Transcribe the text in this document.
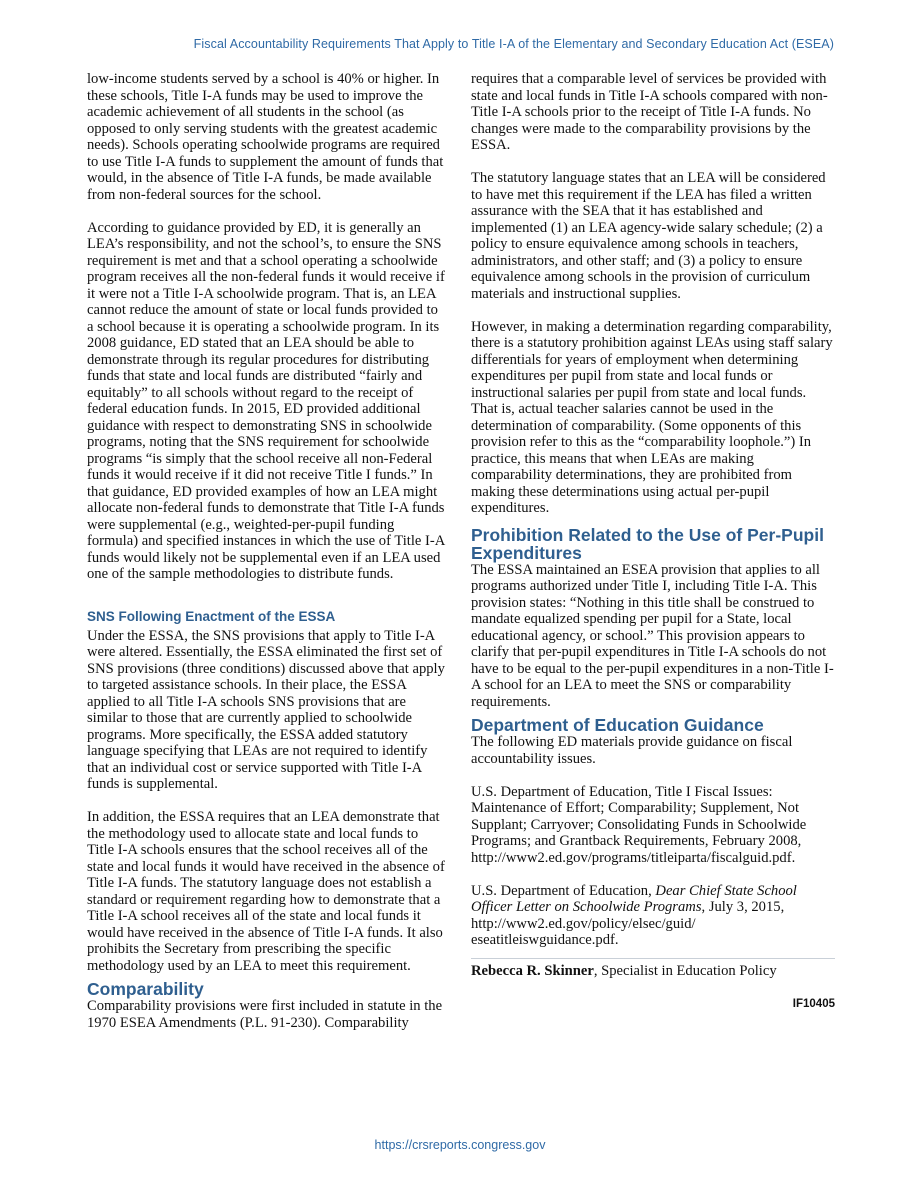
Fiscal Accountability Requirements That Apply to Title I-A of the Elementary and Secondary Education Act (ESEA)

low-income students served by a school is 40% or higher. In these schools, Title I-A funds may be used to improve the academic achievement of all students in the school (as opposed to only serving students with the greatest academic needs). Schools operating schoolwide programs are required to use Title I-A funds to supplement the amount of funds that would, in the absence of Title I-A funds, be made available from non-federal sources for the school.

According to guidance provided by ED, it is generally an LEA’s responsibility, and not the school’s, to ensure the SNS requirement is met and that a school operating a schoolwide program receives all the non-federal funds it would receive if it were not a Title I-A schoolwide program. That is, an LEA cannot reduce the amount of state or local funds provided to a school because it is operating a schoolwide program. In its 2008 guidance, ED stated that an LEA should be able to demonstrate through its regular procedures for distributing funds that state and local funds are distributed “fairly and equitably” to all schools without regard to the receipt of federal education funds. In 2015, ED provided additional guidance with respect to demonstrating SNS in schoolwide programs, noting that the SNS requirement for schoolwide programs “is simply that the school receive all non-Federal funds it would receive if it did not receive Title I funds.” In that guidance, ED provided examples of how an LEA might allocate non-federal funds to demonstrate that Title I-A funds were supplemental (e.g., weighted-per-pupil funding formula) and specified instances in which the use of Title I-A funds would likely not be supplemental even if an LEA used one of the sample methodologies to distribute funds.

SNS Following Enactment of the ESSA

Under the ESSA, the SNS provisions that apply to Title I-A were altered. Essentially, the ESSA eliminated the first set of SNS provisions (three conditions) discussed above that apply to targeted assistance schools. In their place, the ESSA applied to all Title I-A schools SNS provisions that are similar to those that are currently applied to schoolwide programs. More specifically, the ESSA added statutory language specifying that LEAs are not required to identify that an individual cost or service supported with Title I-A funds is supplemental.

In addition, the ESSA requires that an LEA demonstrate that the methodology used to allocate state and local funds to Title I-A schools ensures that the school receives all of the state and local funds it would have received in the absence of Title I-A funds. The statutory language does not establish a standard or requirement regarding how to demonstrate that a Title I-A school receives all of the state and local funds it would have received in the absence of Title I-A funds. It also prohibits the Secretary from prescribing the specific methodology used by an LEA to meet this requirement.

Comparability

Comparability provisions were first included in statute in the 1970 ESEA Amendments (P.L. 91-230). Comparability

requires that a comparable level of services be provided with state and local funds in Title I-A schools compared with non-Title I-A schools prior to the receipt of Title I-A funds. No changes were made to the comparability provisions by the ESSA.

The statutory language states that an LEA will be considered to have met this requirement if the LEA has filed a written assurance with the SEA that it has established and implemented (1) an LEA agency-wide salary schedule; (2) a policy to ensure equivalence among schools in teachers, administrators, and other staff; and (3) a policy to ensure equivalence among schools in the provision of curriculum materials and instructional supplies.

However, in making a determination regarding comparability, there is a statutory prohibition against LEAs using staff salary differentials for years of employment when determining expenditures per pupil from state and local funds or instructional salaries per pupil from state and local funds. That is, actual teacher salaries cannot be used in the determination of comparability. (Some opponents of this provision refer to this as the “comparability loophole.”) In practice, this means that when LEAs are making comparability determinations, they are prohibited from making these determinations using actual per-pupil expenditures.

Prohibition Related to the Use of Per-Pupil Expenditures

The ESSA maintained an ESEA provision that applies to all programs authorized under Title I, including Title I-A. This provision states: “Nothing in this title shall be construed to mandate equalized spending per pupil for a State, local educational agency, or school.” This provision appears to clarify that per-pupil expenditures in Title I-A schools do not have to be equal to the per-pupil expenditures in a non-Title I-A school for an LEA to meet the SNS or comparability requirements.

Department of Education Guidance

The following ED materials provide guidance on fiscal accountability issues.

U.S. Department of Education, Title I Fiscal Issues: Maintenance of Effort; Comparability; Supplement, Not Supplant; Carryover; Consolidating Funds in Schoolwide Programs; and Grantback Requirements, February 2008, http://www2.ed.gov/programs/titleiparta/fiscalguid.pdf.

U.S. Department of Education, Dear Chief State School Officer Letter on Schoolwide Programs, July 3, 2015, http://www2.ed.gov/policy/elsec/guid/ eseatitleiswguidance.pdf.

Rebecca R. Skinner, Specialist in Education Policy

IF10405
https://crsreports.congress.gov
